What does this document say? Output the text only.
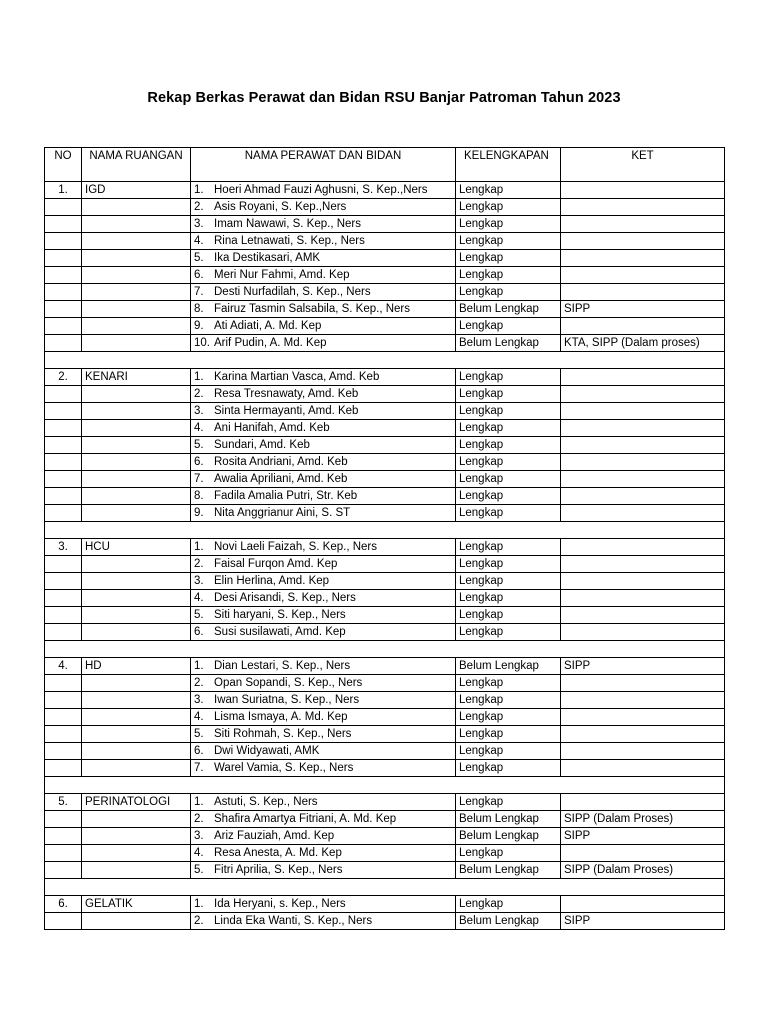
Rekap Berkas Perawat dan Bidan RSU Banjar Patroman Tahun 2023
NO	NAMA RUANGAN	NAMA PERAWAT DAN BIDAN	KELENGKAPAN	KET
1.	IGD	1. Hoeri Ahmad Fauzi Aghusni, S. Kep.,Ners	Lengkap	
		2. Asis Royani, S. Kep.,Ners	Lengkap	
		3. Imam Nawawi, S. Kep., Ners	Lengkap	
		4. Rina Letnawati, S. Kep., Ners	Lengkap	
		5. Ika Destikasari, AMK	Lengkap	
		6. Meri Nur Fahmi, Amd. Kep	Lengkap	
		7. Desti Nurfadilah, S. Kep., Ners	Lengkap	
		8. Fairuz Tasmin Salsabila, S. Kep., Ners	Belum Lengkap	SIPP
		9. Ati Adiati, A. Md. Kep	Lengkap	
		10. Arif Pudin, A. Md. Kep	Belum Lengkap	KTA, SIPP (Dalam proses)

2.	KENARI	1. Karina Martian Vasca, Amd. Keb	Lengkap	
		2. Resa Tresnawaty, Amd. Keb	Lengkap	
		3. Sinta Hermayanti, Amd. Keb	Lengkap	
		4. Ani Hanifah, Amd. Keb	Lengkap	
		5. Sundari, Amd. Keb	Lengkap	
		6. Rosita Andriani, Amd. Keb	Lengkap	
		7. Awalia Apriliani, Amd. Keb	Lengkap	
		8. Fadila Amalia Putri, Str. Keb	Lengkap	
		9. Nita Anggrianur Aini, S. ST	Lengkap	

3.	HCU	1. Novi Laeli Faizah, S. Kep., Ners	Lengkap	
		2. Faisal Furqon Amd. Kep	Lengkap	
		3. Elin Herlina, Amd. Kep	Lengkap	
		4. Desi Arisandi, S. Kep., Ners	Lengkap	
		5. Siti haryani, S. Kep., Ners	Lengkap	
		6. Susi susilawati, Amd. Kep	Lengkap	

4.	HD	1. Dian Lestari, S. Kep., Ners	Belum Lengkap	SIPP
		2. Opan Sopandi, S. Kep., Ners	Lengkap	
		3. Iwan Suriatna, S. Kep., Ners	Lengkap	
		4. Lisma Ismaya, A. Md. Kep	Lengkap	
		5. Siti Rohmah, S. Kep., Ners	Lengkap	
		6. Dwi Widyawati, AMK	Lengkap	
		7. Warel Vamia, S. Kep., Ners	Lengkap	

5.	PERINATOLOGI	1. Astuti, S. Kep., Ners	Lengkap	
		2. Shafira Amartya Fitriani, A. Md. Kep	Belum Lengkap	SIPP (Dalam Proses)
		3. Ariz Fauziah, Amd. Kep	Belum Lengkap	SIPP
		4. Resa Anesta, A. Md. Kep	Lengkap	
		5. Fitri Aprilia, S. Kep., Ners	Belum Lengkap	SIPP (Dalam Proses)

6.	GELATIK	1. Ida Heryani, s. Kep., Ners	Lengkap	
		2. Linda Eka Wanti, S. Kep., Ners	Belum Lengkap	SIPP
